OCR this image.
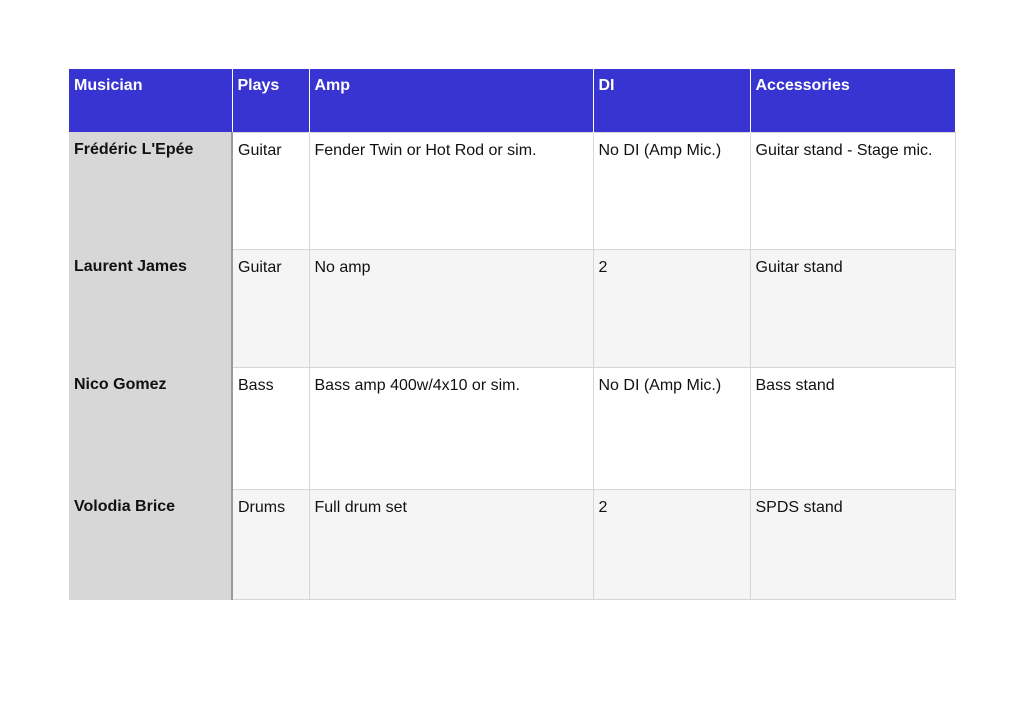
Musician	Plays	Amp	DI	Accessories
Frédéric L'Epée	Guitar	Fender Twin or Hot Rod or sim.	No DI (Amp Mic.)	Guitar stand - Stage mic.
Laurent James	Guitar	No amp	2	Guitar stand
Nico Gomez	Bass	Bass amp 400w/4x10 or sim.	No DI (Amp Mic.)	Bass stand
Volodia Brice	Drums	Full drum set	2	SPDS stand
